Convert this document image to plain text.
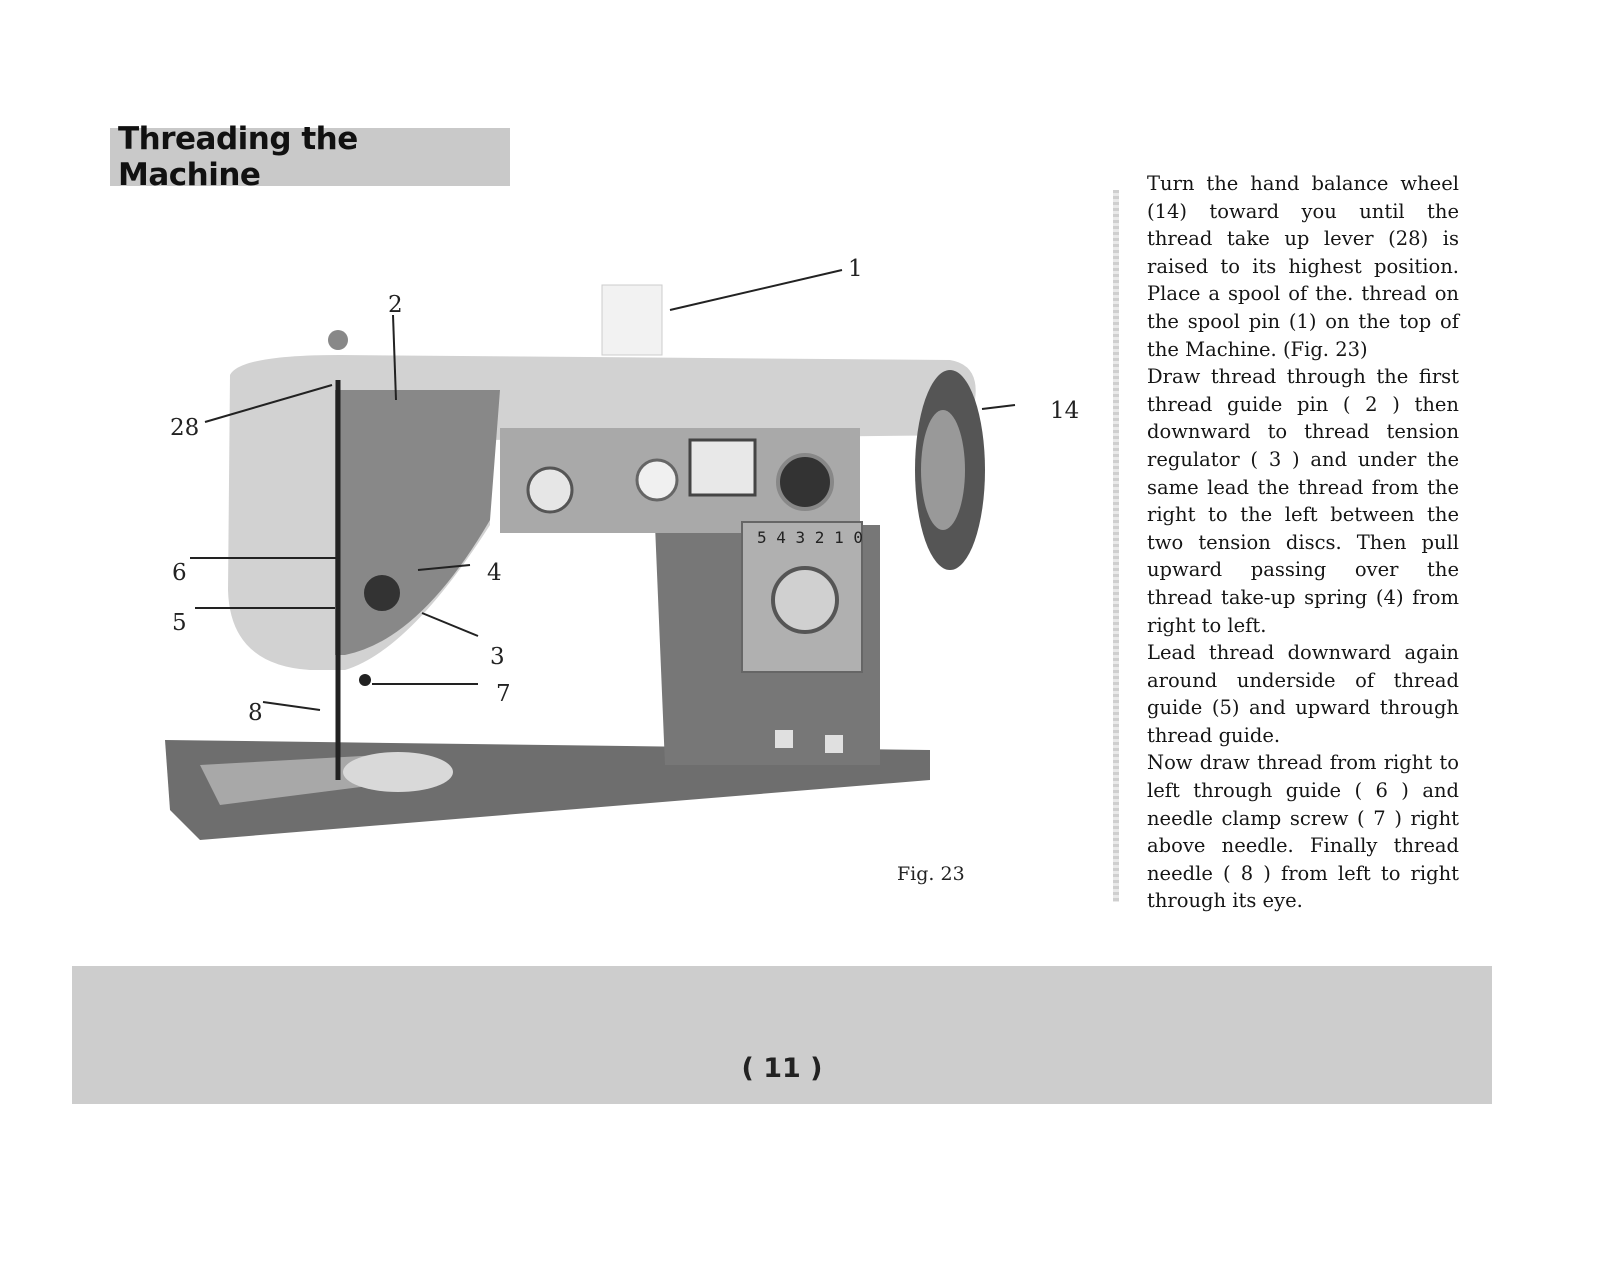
Threading the Machine
5 4 3 2 1 0
1
2
28
14
6	4
5
3
7
8
Fig. 23

Turn the hand balance wheel (14) toward you until the thread take up lever (28) is raised to its highest position. Place a spool of the. thread on the spool pin (1) on the top of the Machine. (Fig. 23)

Draw thread through the first thread guide pin ( 2 ) then downward to thread tension regulator ( 3 ) and under the same lead the thread from the right to the left between the two tension discs. Then pull upward passing over the thread take-up spring (4) from right to left.

Lead thread downward again around underside of thread guide (5) and upward through thread guide.

Now draw thread from right to left through guide ( 6 ) and needle clamp screw ( 7 ) right above needle. Finally thread needle ( 8 ) from left to right through its eye.

( 11 )
